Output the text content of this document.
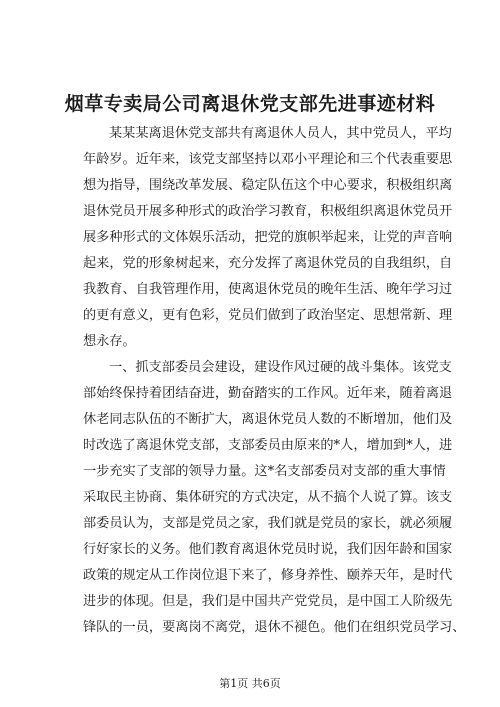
烟草专卖局公司离退休党支部先进事迹材料

某某某离退休党支部共有离退休人员人，其中党员人，平均

年龄岁。近年来，该党支部坚持以邓小平理论和三个代表重要思

想为指导，围绕改革发展、稳定队伍这个中心要求，积极组织离

退休党员开展多种形式的政治学习教育，积极组织离退休党员开

展多种形式的文体娱乐活动，把党的旗帜举起来，让党的声音响

起来，党的形象树起来，充分发挥了离退休党员的自我组织，自

我教育、自我管理作用，使离退休党员的晚年生活、晚年学习过

的更有意义，更有色彩，党员们做到了政治坚定、思想常新、理

想永存。

一、抓支部委员会建设，建设作风过硬的战斗集体。该党支

部始终保持着团结奋进，勤奋踏实的工作风。近年来，随着离退

休老同志队伍的不断扩大，离退休党员人数的不断增加，他们及

时改选了离退休党支部，支部委员由原来的*人，增加到*人，进

一步充实了支部的领导力量。这*名支部委员对支部的重大事情

采取民主协商、集体研究的方式决定，从不搞个人说了算。该支

部委员认为，支部是党员之家，我们就是党员的家长，就必须履

行好家长的义务。他们教育离退休党员时说，我们因年龄和国家

政策的规定从工作岗位退下来了，修身养性、颐养天年，是时代

进步的体现。但是，我们是中国共产党党员，是中国工人阶级先

锋队的一员，要离岗不离党，退休不褪色。他们在组织党员学习、

第1页 共6页
